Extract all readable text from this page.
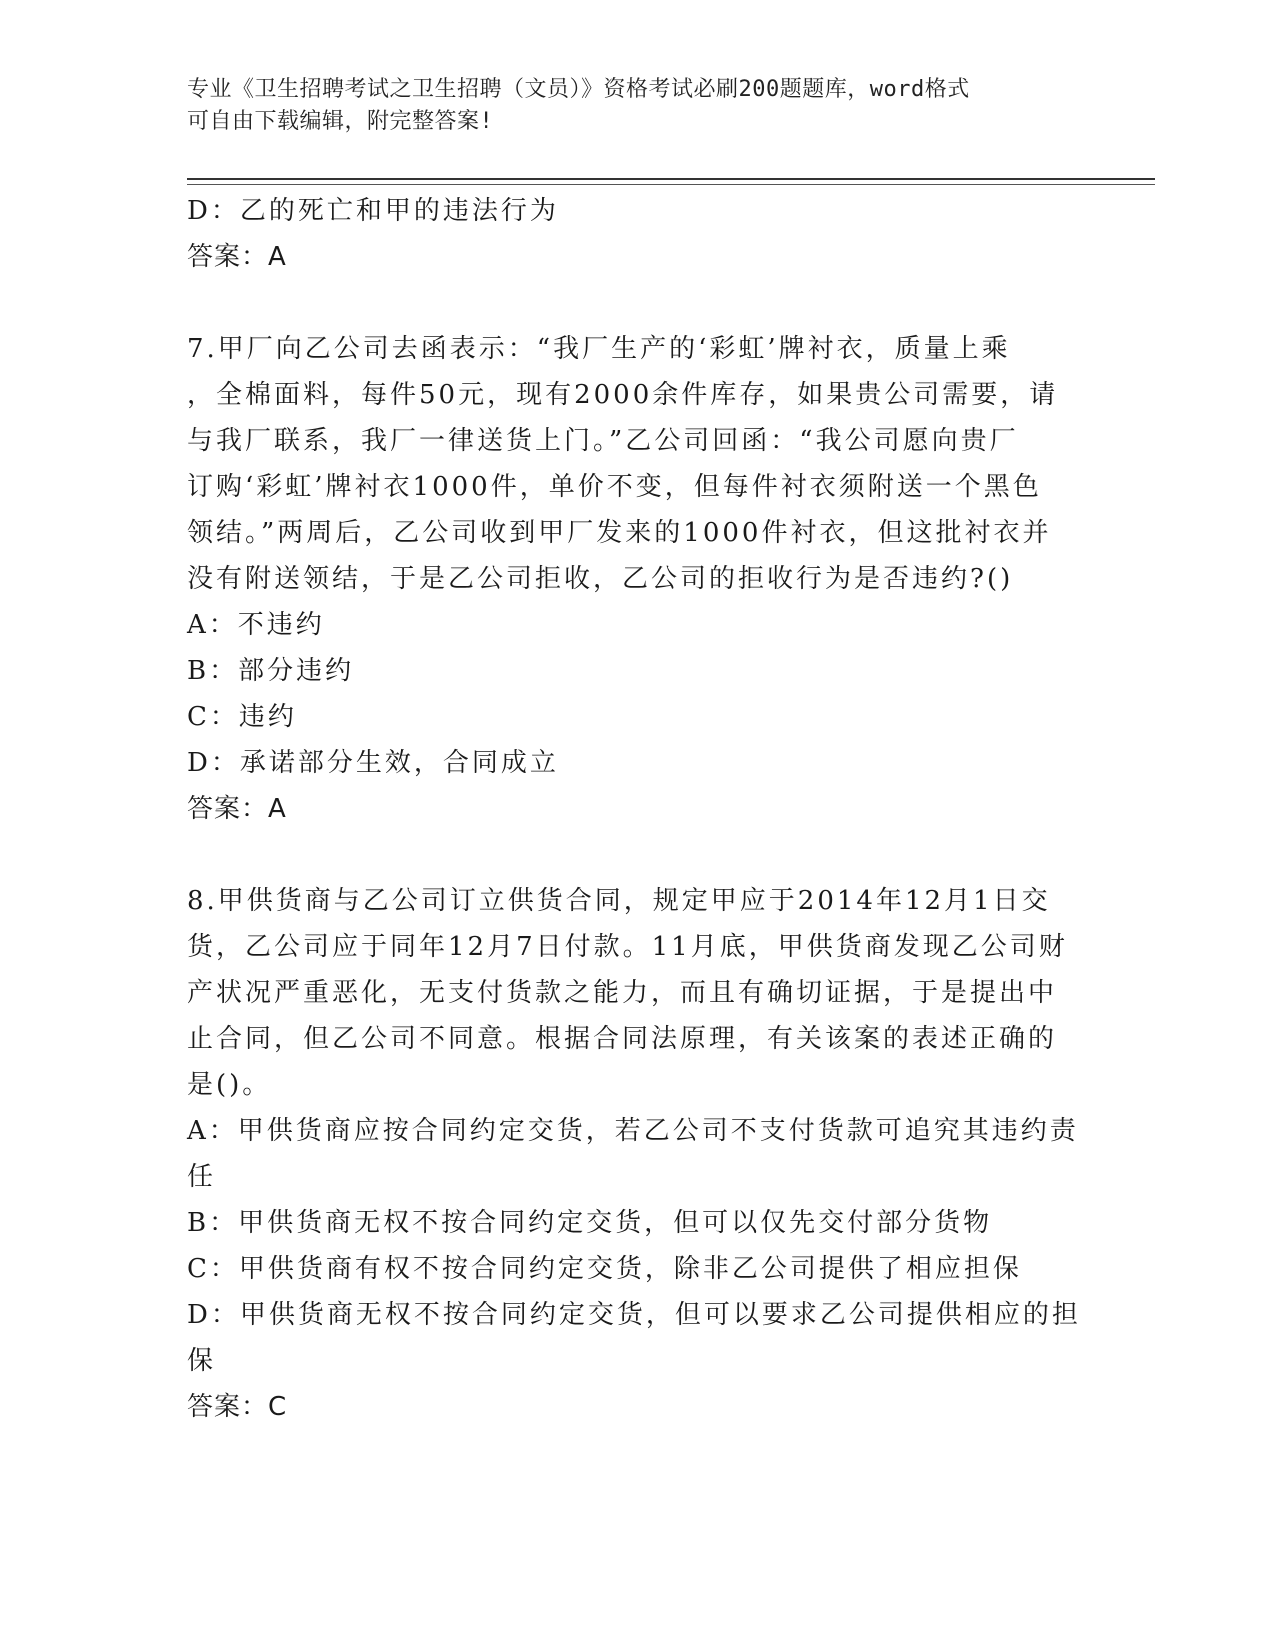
专业《卫生招聘考试之卫生招聘（文员）》资格考试必刷200题题库，word格式
可自由下载编辑，附完整答案!
D：乙的死亡和甲的违法行为
答案：A
7.甲厂向乙公司去函表示：“我厂生产的‘彩虹’牌衬衣，质量上乘
，全棉面料，每件50元，现有2000余件库存，如果贵公司需要，请
与我厂联系，我厂一律送货上门。”乙公司回函：“我公司愿向贵厂
订购‘彩虹’牌衬衣1000件，单价不变，但每件衬衣须附送一个黑色
领结。”两周后，乙公司收到甲厂发来的1000件衬衣，但这批衬衣并
没有附送领结，于是乙公司拒收，乙公司的拒收行为是否违约?()
A：不违约
B：部分违约
C：违约
D：承诺部分生效，合同成立
答案：A
8.甲供货商与乙公司订立供货合同，规定甲应于2014年12月1日交
货，乙公司应于同年12月7日付款。11月底，甲供货商发现乙公司财
产状况严重恶化，无支付货款之能力，而且有确切证据，于是提出中
止合同，但乙公司不同意。根据合同法原理，有关该案的表述正确的
是()。
A：甲供货商应按合同约定交货，若乙公司不支付货款可追究其违约责
任
B：甲供货商无权不按合同约定交货，但可以仅先交付部分货物
C：甲供货商有权不按合同约定交货，除非乙公司提供了相应担保
D：甲供货商无权不按合同约定交货，但可以要求乙公司提供相应的担
保
答案：C
